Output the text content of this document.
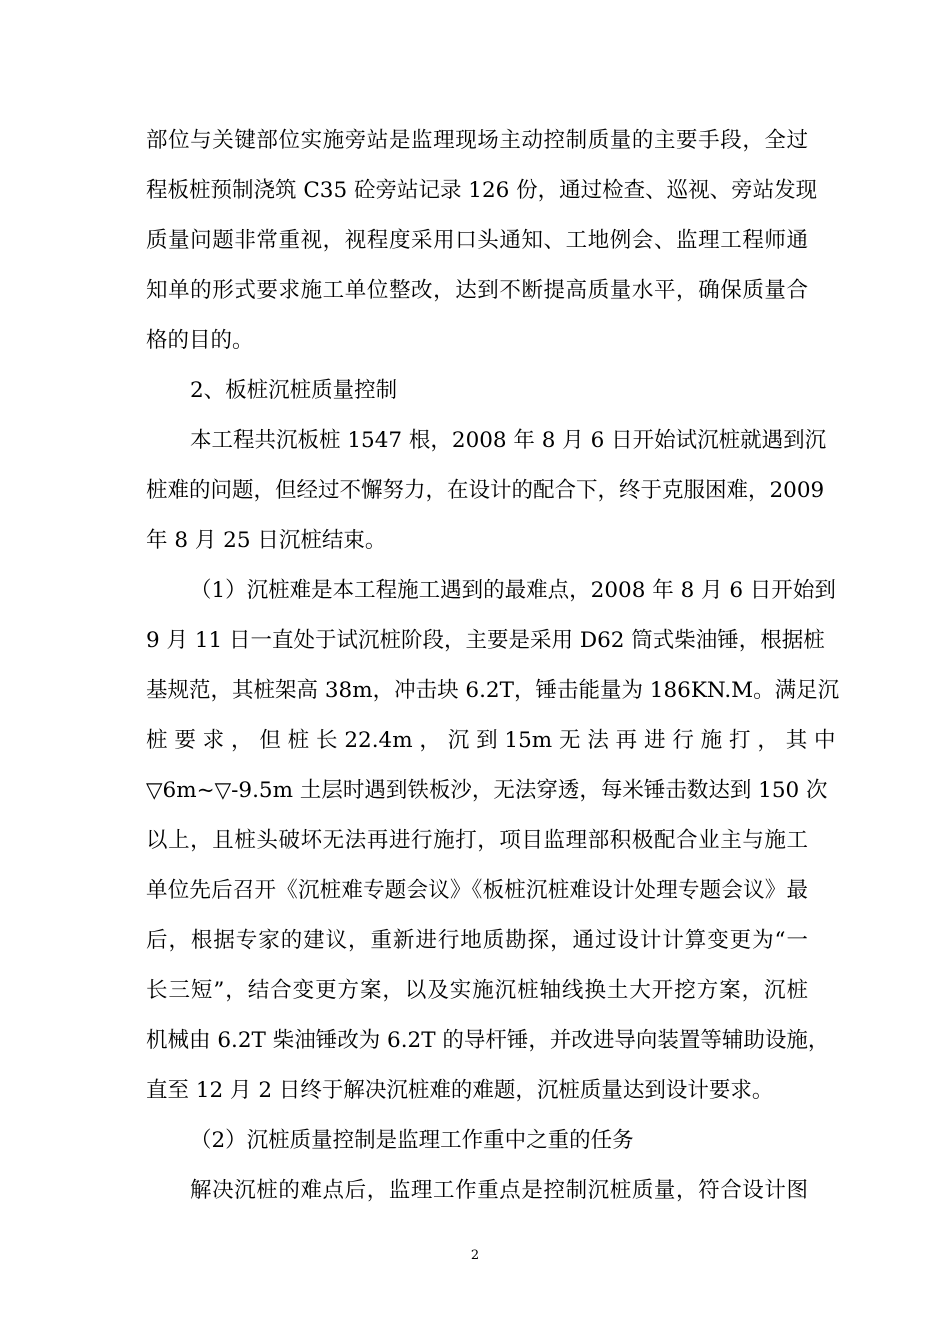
部位与关键部位实施旁站是监理现场主动控制质量的主要手段，全过
程板桩预制浇筑 C35 砼旁站记录 126 份，通过检查、巡视、旁站发现
质量问题非常重视，视程度采用口头通知、工地例会、监理工程师通
知单的形式要求施工单位整改，达到不断提高质量水平，确保质量合
格的目的。
2、板桩沉桩质量控制
本工程共沉板桩 1547 根，2008 年 8 月 6 日开始试沉桩就遇到沉
桩难的问题，但经过不懈努力，在设计的配合下，终于克服困难，2009
年 8 月 25 日沉桩结束。
（1）沉桩难是本工程施工遇到的最难点，2008 年 8 月 6 日开始到
9 月 11 日一直处于试沉桩阶段，主要是采用 D62 筒式柴油锤，根据桩
基规范，其桩架高 38m，冲击块 6.2T，锤击能量为 186KN.M。满足沉
桩 要 求 ， 但 桩 长 22.4m ， 沉 到 15m 无 法 再 进 行 施 打 ， 其 中
▽6m~▽-9.5m 土层时遇到铁板沙，无法穿透，每米锤击数达到 150 次
以上，且桩头破坏无法再进行施打，项目监理部积极配合业主与施工
单位先后召开《沉桩难专题会议》《板桩沉桩难设计处理专题会议》最
后，根据专家的建议，重新进行地质勘探，通过设计计算变更为“一
长三短”，结合变更方案，以及实施沉桩轴线换土大开挖方案，沉桩
机械由 6.2T 柴油锤改为 6.2T 的导杆锤，并改进导向装置等辅助设施，
直至 12 月 2 日终于解决沉桩难的难题，沉桩质量达到设计要求。
（2）沉桩质量控制是监理工作重中之重的任务
解决沉桩的难点后，监理工作重点是控制沉桩质量，符合设计图
2
